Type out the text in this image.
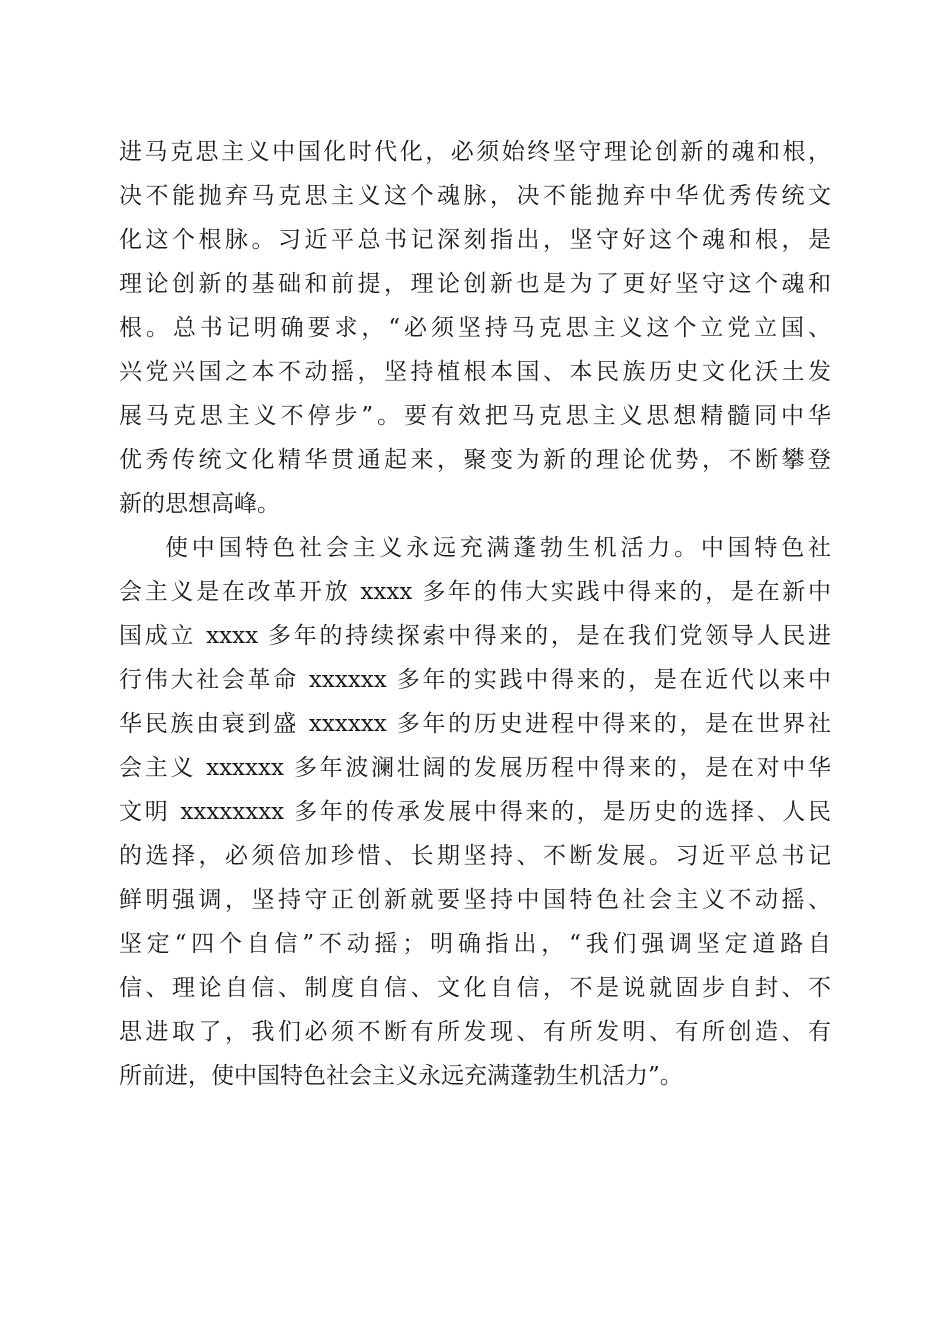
进马克思主义中国化时代化，必须始终坚守理论创新的魂和根，
决不能抛弃马克思主义这个魂脉，决不能抛弃中华优秀传统文
化这个根脉。习近平总书记深刻指出，坚守好这个魂和根，是
理论创新的基础和前提，理论创新也是为了更好坚守这个魂和
根。总书记明确要求，“必须坚持马克思主义这个立党立国、
兴党兴国之本不动摇，坚持植根本国、本民族历史文化沃土发
展马克思主义不停步”。要有效把马克思主义思想精髓同中华
优秀传统文化精华贯通起来，聚变为新的理论优势，不断攀登
新的思想高峰。
使中国特色社会主义永远充满蓬勃生机活力。中国特色社
会主义是在改革开放 xxxx 多年的伟大实践中得来的，是在新中
国成立 xxxx 多年的持续探索中得来的，是在我们党领导人民进
行伟大社会革命 xxxxxx 多年的实践中得来的，是在近代以来中
华民族由衰到盛 xxxxxx 多年的历史进程中得来的，是在世界社
会主义 xxxxxx 多年波澜壮阔的发展历程中得来的，是在对中华
文明 xxxxxxxx 多年的传承发展中得来的，是历史的选择、人民
的选择，必须倍加珍惜、长期坚持、不断发展。习近平总书记
鲜明强调，坚持守正创新就要坚持中国特色社会主义不动摇、
坚定“四个自信”不动摇；明确指出，“我们强调坚定道路自
信、理论自信、制度自信、文化自信，不是说就固步自封、不
思进取了，我们必须不断有所发现、有所发明、有所创造、有
所前进，使中国特色社会主义永远充满蓬勃生机活力”。
